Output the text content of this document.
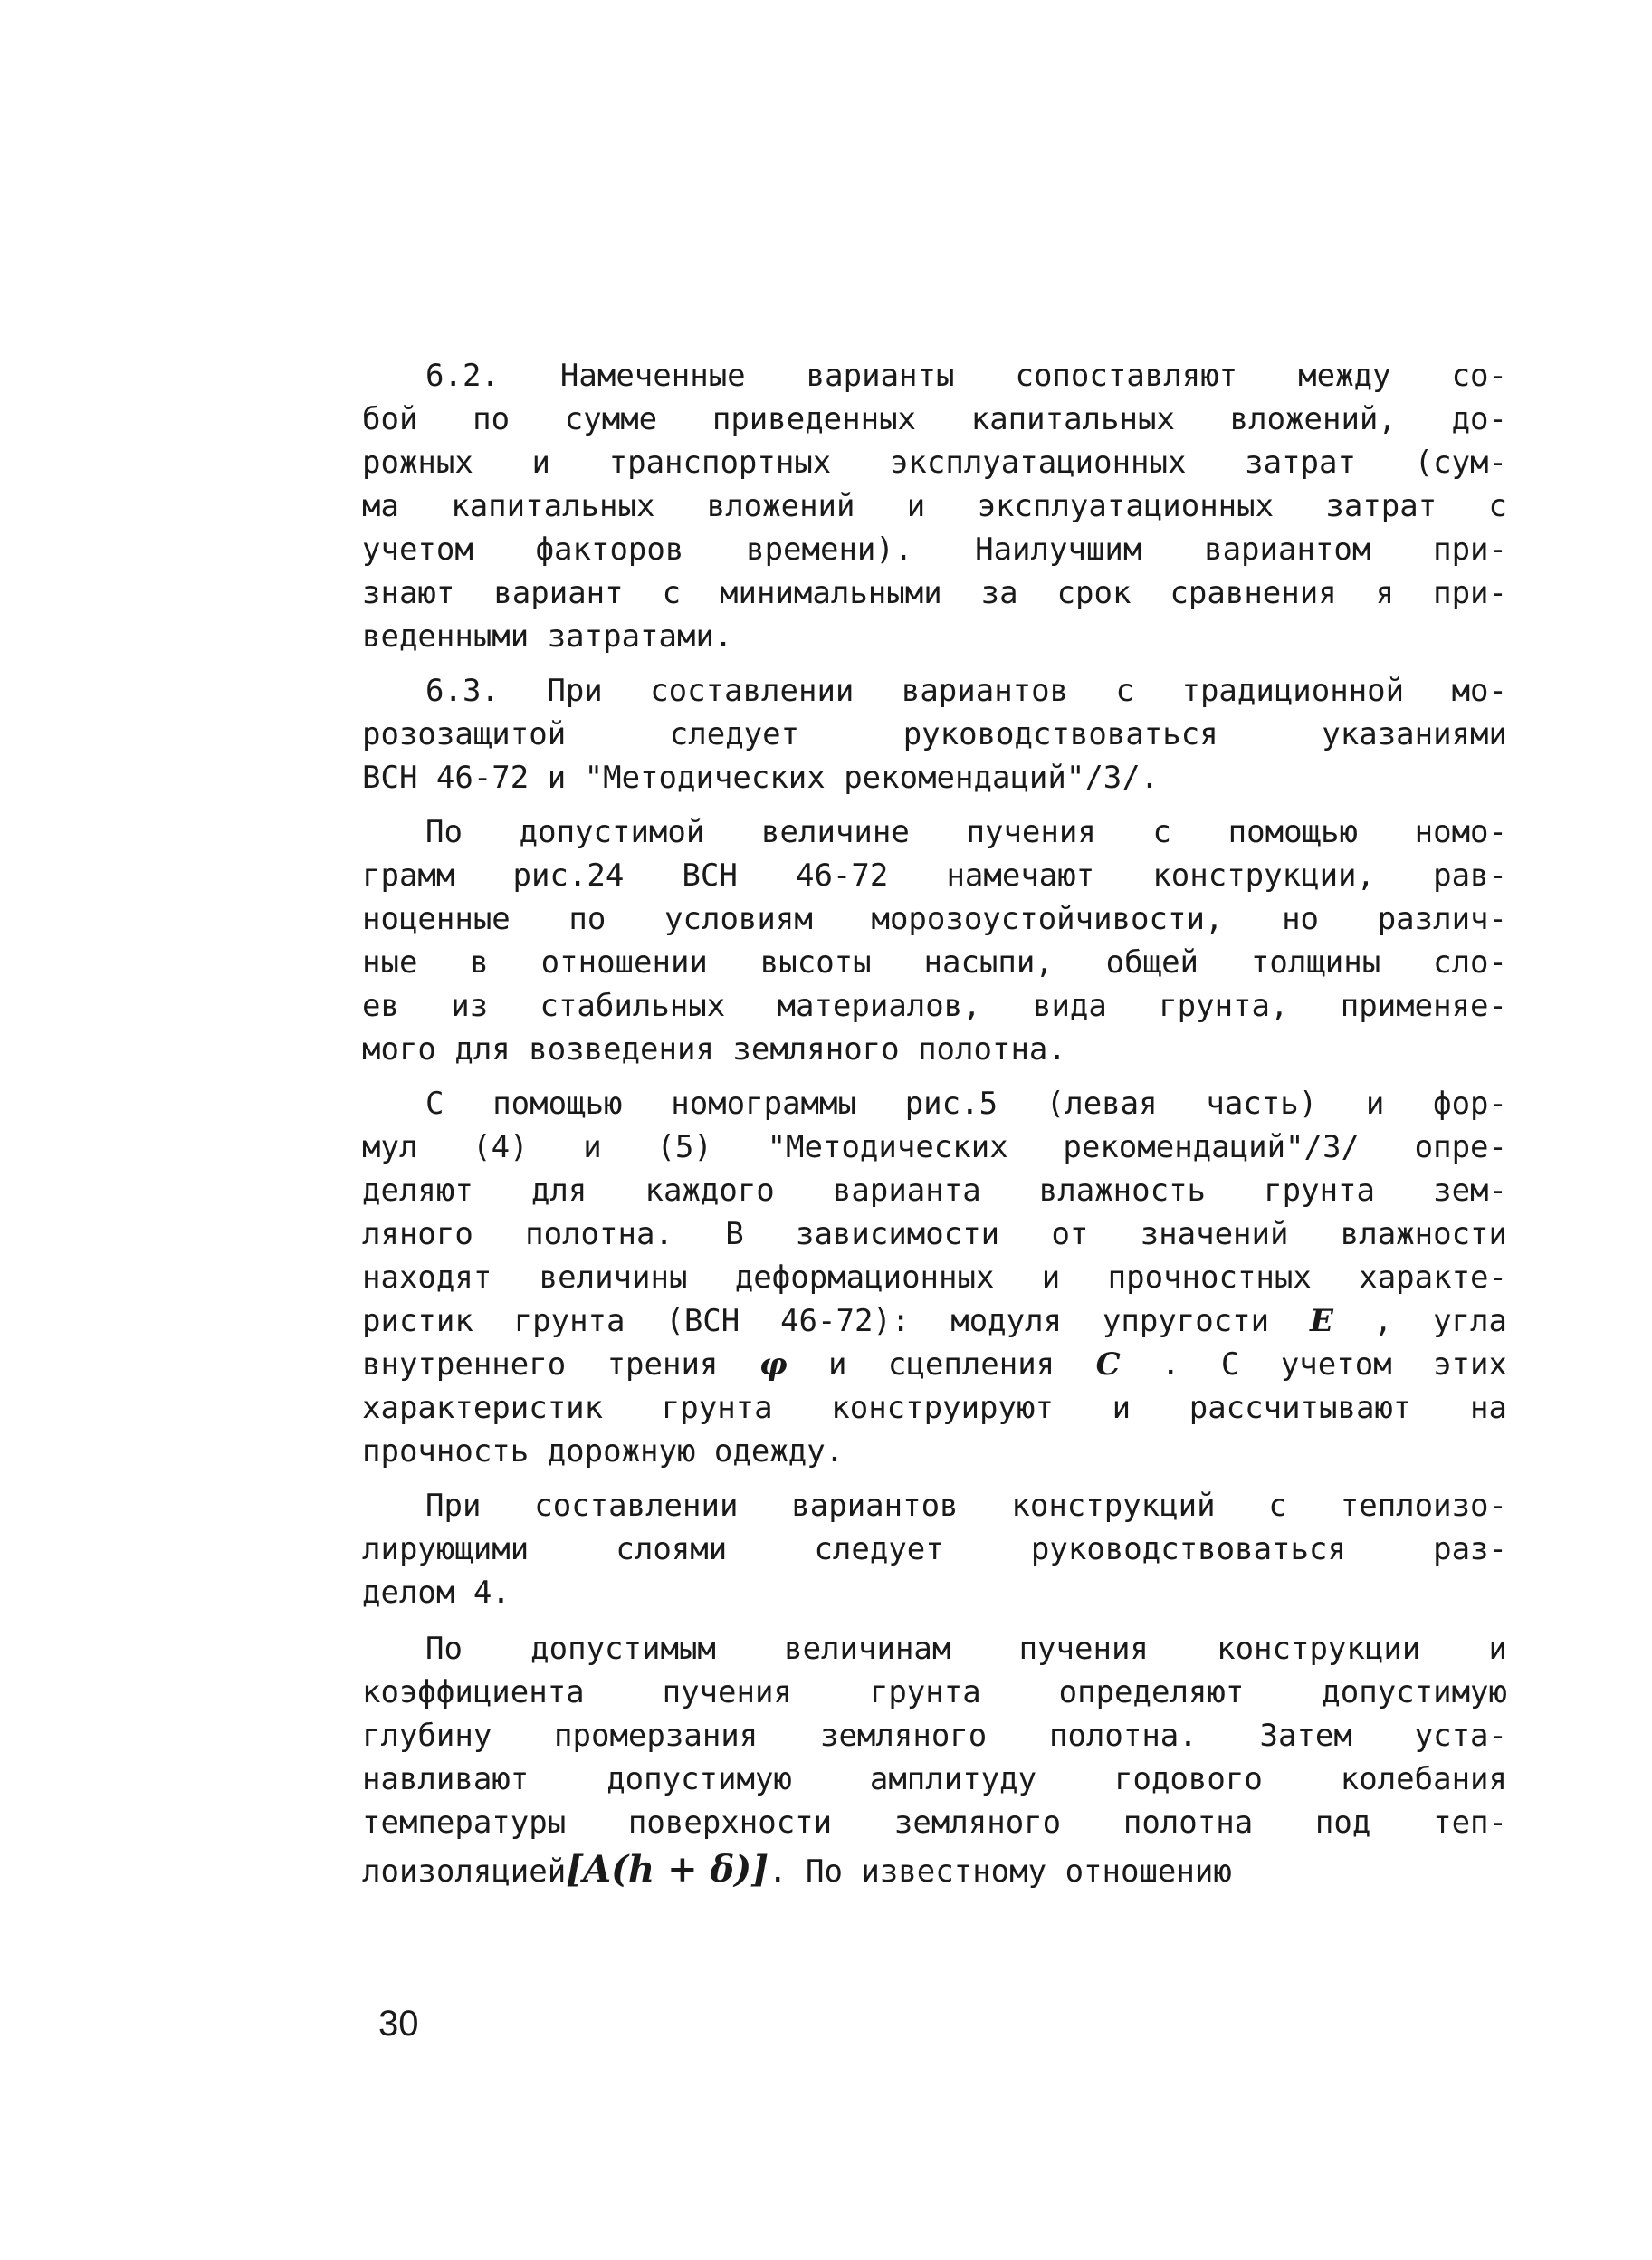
6.2. Намеченные варианты сопоставляют между со-
бой по сумме приведенных капитальных вложений, до-
рожных и транспортных эксплуатационных затрат (сум-
ма капитальных вложений и эксплуатационных затрат с
учетом факторов времени). Наилучшим вариантом при-
знают вариант с минимальными за срок сравнения я при-
веденными затратами.
6.3. При составлении вариантов с традиционной мо-
розозащитой следует руководствоваться указаниями
ВСН 46-72 и "Методических рекомендаций"/3/.
По допустимой величине пучения с помощью номо-
грамм рис.24 ВСН 46-72 намечают конструкции, рав-
ноценные по условиям морозоустойчивости, но различ-
ные в отношении высоты насыпи, общей толщины сло-
ев из стабильных материалов, вида грунта, применяе-
мого для возведения земляного полотна.
С помощью номограммы рис.5 (левая часть) и фор-
мул (4) и (5) "Методических рекомендаций"/3/ опре-
деляют для каждого варианта влажность грунта зем-
ляного полотна. В зависимости от значений влажности
находят величины деформационных и прочностных характе-
ристик грунта (ВСН 46-72): модуля упругости E , угла
внутреннего трения φ и сцепления C . С учетом этих
характеристик грунта конструируют и рассчитывают на
прочность дорожную одежду.
При составлении вариантов конструкций с теплоизо-
лирующими слоями следует руководствоваться раз-
делом 4.
По допустимым величинам пучения конструкции и
коэффициента пучения грунта определяют допустимую
глубину промерзания земляного полотна. Затем уста-
навливают допустимую амплитуду годового колебания
температуры поверхности земляного полотна под теп-
лоизоляцией[A(h + δ)]. По известному отношению
30
